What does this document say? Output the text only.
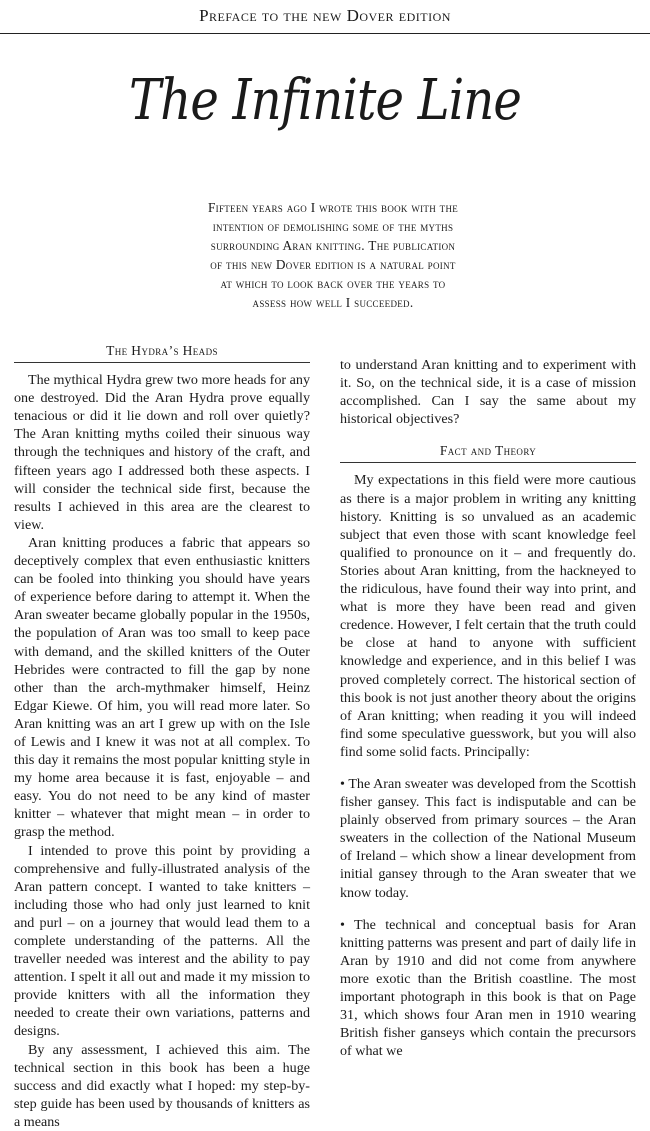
Preface to the new Dover edition
The Infinite Line
Fifteen years ago I wrote this book with the
intention of demolishing some of the myths
surrounding Aran knitting. The publication
of this new Dover edition is a natural point
at which to look back over the years to
assess how well I succeeded.
The Hydra’s Heads

The mythical Hydra grew two more heads for any one destroyed. Did the Aran Hydra prove equally tenacious or did it lie down and roll over quietly? The Aran knitting myths coiled their sinuous way through the techniques and history of the craft, and fifteen years ago I addressed both these aspects. I will consider the technical side first, because the results I achieved in this area are the clearest to view.

Aran knitting produces a fabric that appears so deceptively complex that even enthusiastic knitters can be fooled into thinking you should have years of experience before daring to attempt it. When the Aran sweater became globally popular in the 1950s, the population of Aran was too small to keep pace with demand, and the skilled knitters of the Outer Hebrides were contracted to fill the gap by none other than the arch-mythmaker himself, Heinz Edgar Kiewe. Of him, you will read more later. So Aran knitting was an art I grew up with on the Isle of Lewis and I knew it was not at all complex. To this day it remains the most popular knitting style in my home area because it is fast, enjoyable – and easy. You do not need to be any kind of master knitter – whatever that might mean – in order to grasp the method.

I intended to prove this point by providing a comprehensive and fully-illustrated analysis of the Aran pattern concept. I wanted to take knitters – including those who had only just learned to knit and purl – on a journey that would lead them to a complete understanding of the patterns. All the traveller needed was interest and the ability to pay attention. I spelt it all out and made it my mission to provide knitters with all the information they needed to create their own variations, patterns and designs.

By any assessment, I achieved this aim. The technical section in this book has been a huge success and did exactly what I hoped: my step-by-step guide has been used by thousands of knitters as a means

to understand Aran knitting and to experiment with it. So, on the technical side, it is a case of mission accomplished. Can I say the same about my historical objectives?

Fact and Theory

My expectations in this field were more cautious as there is a major problem in writing any knitting history. Knitting is so unvalued as an academic subject that even those with scant knowledge feel qualified to pronounce on it – and frequently do. Stories about Aran knitting, from the hackneyed to the ridiculous, have found their way into print, and what is more they have been read and given credence. However, I felt certain that the truth could be close at hand to anyone with sufficient knowledge and experience, and in this belief I was proved completely correct. The historical section of this book is not just another theory about the origins of Aran knitting; when reading it you will indeed find some speculative guesswork, but you will also find some solid facts. Principally:

• The Aran sweater was developed from the Scottish fisher gansey. This fact is indisputable and can be plainly observed from primary sources – the Aran sweaters in the collection of the National Museum of Ireland – which show a linear development from initial gansey through to the Aran sweater that we know today.

• The technical and conceptual basis for Aran knitting patterns was present and part of daily life in Aran by 1910 and did not come from anywhere more exotic than the British coastline. The most important photograph in this book is that on Page 31, which shows four Aran men in 1910 wearing British fisher ganseys which contain the precursors of what we
